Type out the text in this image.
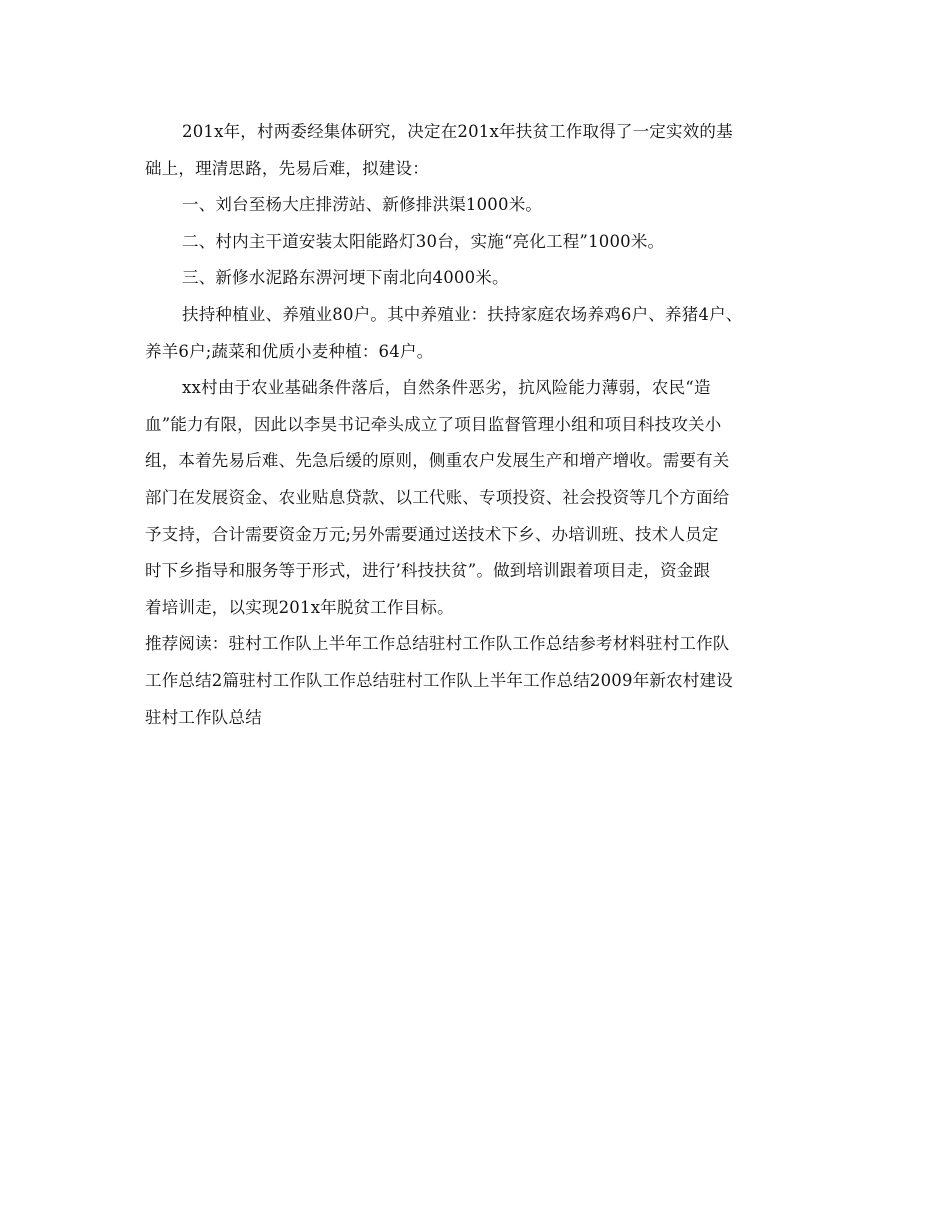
201x年，村两委经集体研究，决定在201x年扶贫工作取得了一定实效的基
础上，理清思路，先易后难，拟建设：
一、刘台至杨大庄排涝站、新修排洪渠1000米。
二、村内主干道安装太阳能路灯30台，实施“亮化工程”1000米。
三、新修水泥路东淠河埂下南北向4000米。
扶持种植业、养殖业80户。其中养殖业：扶持家庭农场养鸡6户、养猪4户、
养羊6户;蔬菜和优质小麦种植：64户。
xx村由于农业基础条件落后，自然条件恶劣，抗风险能力薄弱，农民“造
血”能力有限，因此以李昊书记牵头成立了项目监督管理小组和项目科技攻关小
组，本着先易后难、先急后缓的原则，侧重农户发展生产和增产增收。需要有关
部门在发展资金、农业贴息贷款、以工代账、专项投资、社会投资等几个方面给
予支持，合计需要资金万元;另外需要通过送技术下乡、办培训班、技术人员定
时下乡指导和服务等于形式，进行’科技扶贫”。做到培训跟着项目走，资金跟
着培训走，以实现201x年脱贫工作目标。
推荐阅读：驻村工作队上半年工作总结驻村工作队工作总结参考材料驻村工作队
工作总结2篇驻村工作队工作总结驻村工作队上半年工作总结2009年新农村建设
驻村工作队总结
